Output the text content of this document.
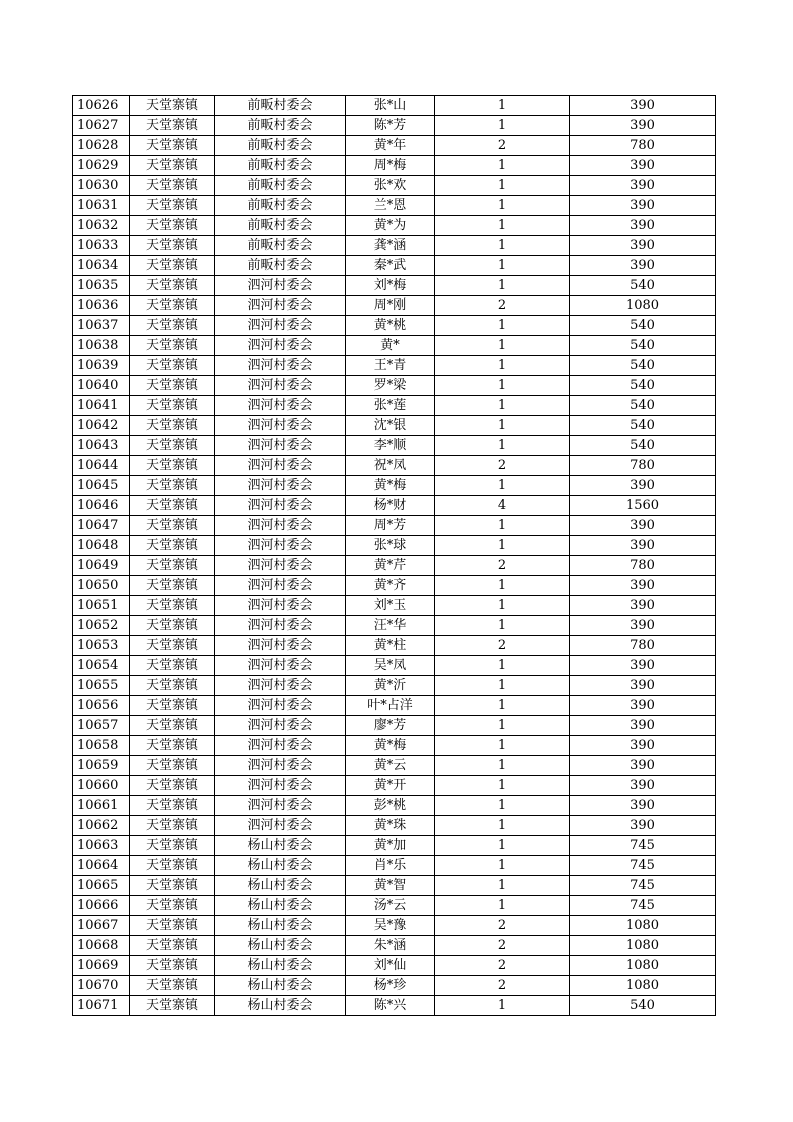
10626	天堂寨镇	前畈村委会	张*山	1	390
10627	天堂寨镇	前畈村委会	陈*芳	1	390
10628	天堂寨镇	前畈村委会	黄*年	2	780
10629	天堂寨镇	前畈村委会	周*梅	1	390
10630	天堂寨镇	前畈村委会	张*欢	1	390
10631	天堂寨镇	前畈村委会	兰*恩	1	390
10632	天堂寨镇	前畈村委会	黄*为	1	390
10633	天堂寨镇	前畈村委会	龚*涵	1	390
10634	天堂寨镇	前畈村委会	秦*武	1	390
10635	天堂寨镇	泗河村委会	刘*梅	1	540
10636	天堂寨镇	泗河村委会	周*刚	2	1080
10637	天堂寨镇	泗河村委会	黄*桃	1	540
10638	天堂寨镇	泗河村委会	黄*	1	540
10639	天堂寨镇	泗河村委会	王*青	1	540
10640	天堂寨镇	泗河村委会	罗*梁	1	540
10641	天堂寨镇	泗河村委会	张*莲	1	540
10642	天堂寨镇	泗河村委会	沈*银	1	540
10643	天堂寨镇	泗河村委会	李*顺	1	540
10644	天堂寨镇	泗河村委会	祝*凤	2	780
10645	天堂寨镇	泗河村委会	黄*梅	1	390
10646	天堂寨镇	泗河村委会	杨*财	4	1560
10647	天堂寨镇	泗河村委会	周*芳	1	390
10648	天堂寨镇	泗河村委会	张*球	1	390
10649	天堂寨镇	泗河村委会	黄*芹	2	780
10650	天堂寨镇	泗河村委会	黄*齐	1	390
10651	天堂寨镇	泗河村委会	刘*玉	1	390
10652	天堂寨镇	泗河村委会	汪*华	1	390
10653	天堂寨镇	泗河村委会	黄*柱	2	780
10654	天堂寨镇	泗河村委会	吴*凤	1	390
10655	天堂寨镇	泗河村委会	黄*沂	1	390
10656	天堂寨镇	泗河村委会	叶*占洋	1	390
10657	天堂寨镇	泗河村委会	廖*芳	1	390
10658	天堂寨镇	泗河村委会	黄*梅	1	390
10659	天堂寨镇	泗河村委会	黄*云	1	390
10660	天堂寨镇	泗河村委会	黄*开	1	390
10661	天堂寨镇	泗河村委会	彭*桃	1	390
10662	天堂寨镇	泗河村委会	黄*珠	1	390
10663	天堂寨镇	杨山村委会	黄*加	1	745
10664	天堂寨镇	杨山村委会	肖*乐	1	745
10665	天堂寨镇	杨山村委会	黄*智	1	745
10666	天堂寨镇	杨山村委会	汤*云	1	745
10667	天堂寨镇	杨山村委会	吴*豫	2	1080
10668	天堂寨镇	杨山村委会	朱*涵	2	1080
10669	天堂寨镇	杨山村委会	刘*仙	2	1080
10670	天堂寨镇	杨山村委会	杨*珍	2	1080
10671	天堂寨镇	杨山村委会	陈*兴	1	540
